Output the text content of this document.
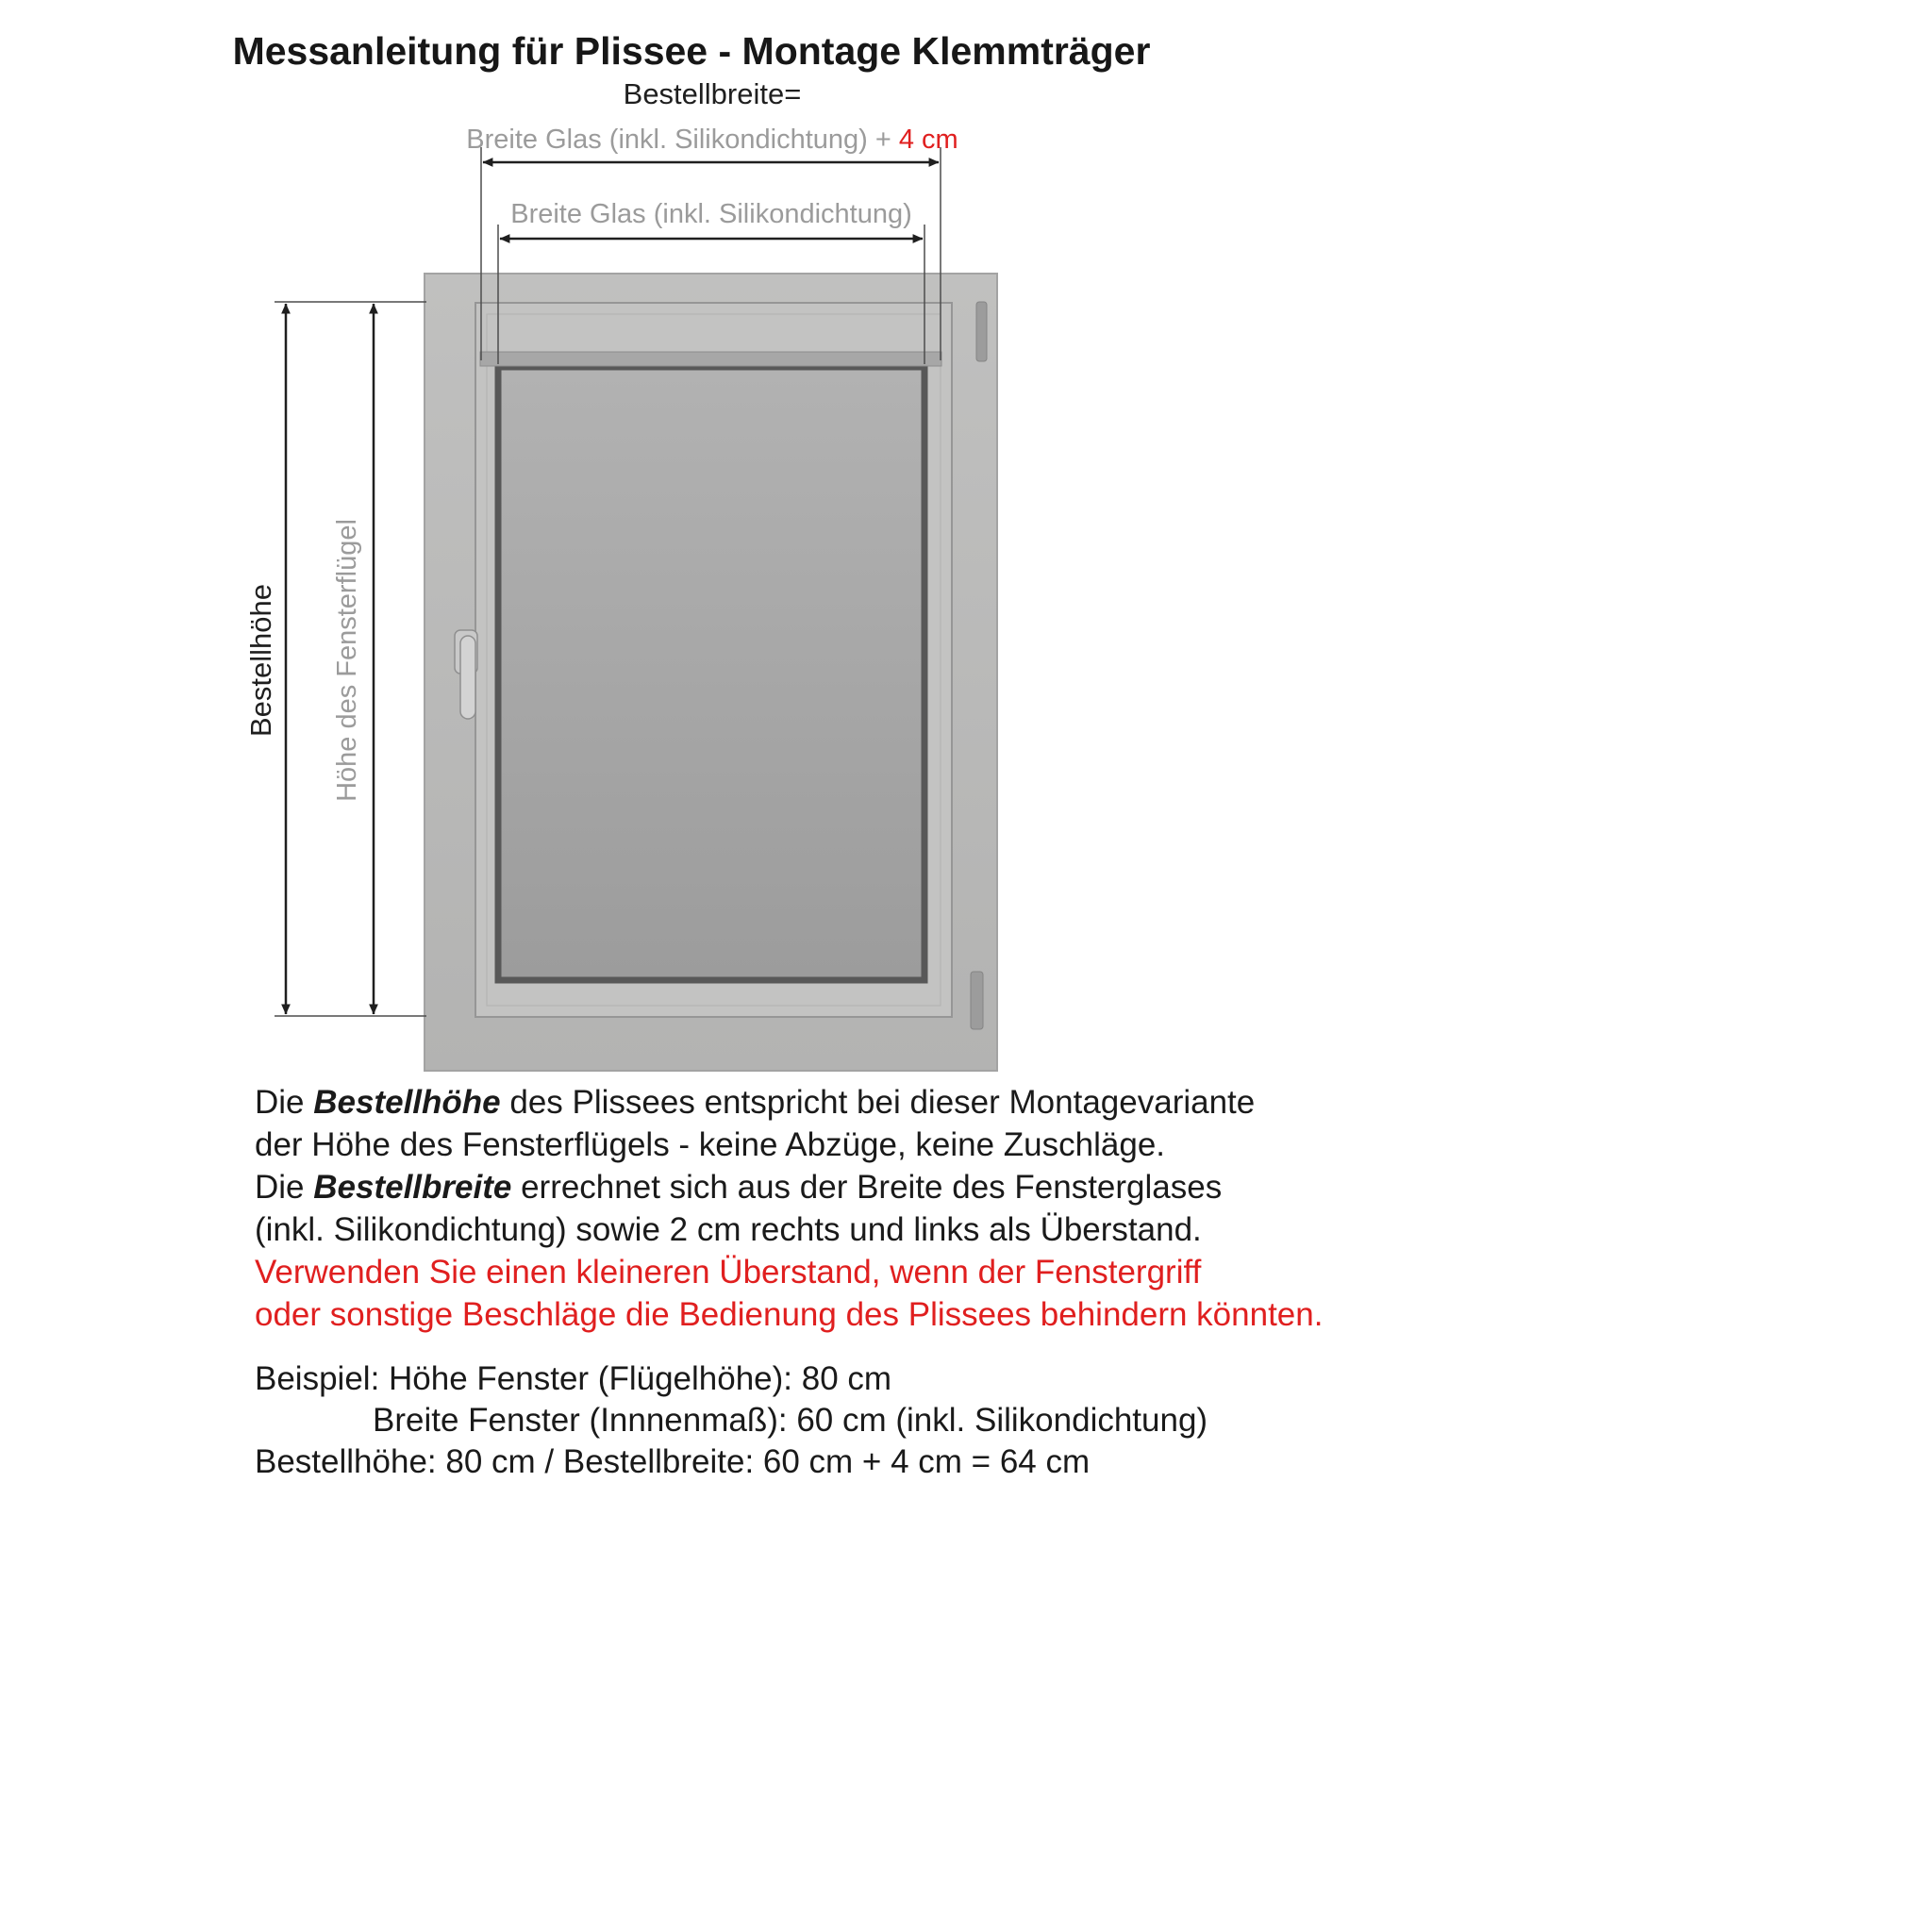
Messanleitung für Plissee - Montage Klemmträger
Bestellbreite=
Breite Glas (inkl. Silikondichtung) + 4 cm
Breite Glas (inkl. Silikondichtung)
Bestellhöhe Höhe des Fensterflügel
Die Bestellhöhe des Plissees entspricht bei dieser Montagevariante
der Höhe des Fensterflügels - keine Abzüge, keine Zuschläge.
Die Bestellbreite errechnet sich aus der Breite des Fensterglases
(inkl. Silikondichtung) sowie 2 cm rechts und links als Überstand.
Verwenden Sie einen kleineren Überstand, wenn der Fenstergriff
oder sonstige Beschläge die Bedienung des Plissees behindern könnten.
Beispiel: Höhe Fenster (Flügelhöhe): 80 cm
Breite Fenster (Innnenmaß): 60 cm (inkl. Silikondichtung)
Bestellhöhe: 80 cm / Bestellbreite: 60 cm + 4 cm = 64 cm
